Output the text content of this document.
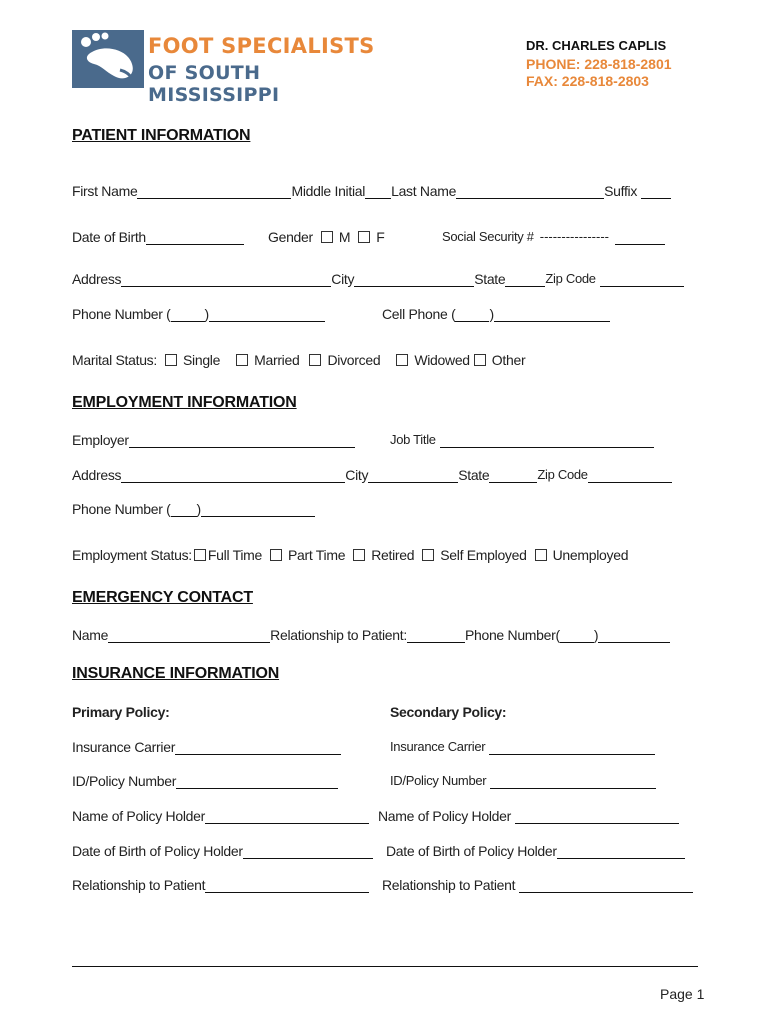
FOOT SPECIALISTS
OF SOUTH MISSISSIPPI
DR. CHARLES CAPLIS
PHONE: 228-818-2801
FAX: 228-818-2803
PATIENT INFORMATION
First Name	Middle Initial Last Name	Suffix
Date of Birth	Gender M F	Social Security # ----------------
Address	City	State	Zip Code
Phone Number ( )	Cell Phone ( )
Marital Status: Single Married Divorced Widowed Other
EMPLOYMENT INFORMATION
Employer	Job Title
Address	City	State	Zip Code
Phone Number ( )
Employment Status: Full Time Part Time Retired Self Employed Unemployed
EMERGENCY CONTACT
Name	Relationship to Patient:	Phone Number( )
INSURANCE INFORMATION
Primary Policy:	Secondary Policy:
Insurance Carrier	Insurance Carrier
ID/Policy Number	ID/Policy Number
Name of Policy Holder	Name of Policy Holder
Date of Birth of Policy Holder	Date of Birth of Policy Holder
Relationship to Patient	Relationship to Patient
Page 1
